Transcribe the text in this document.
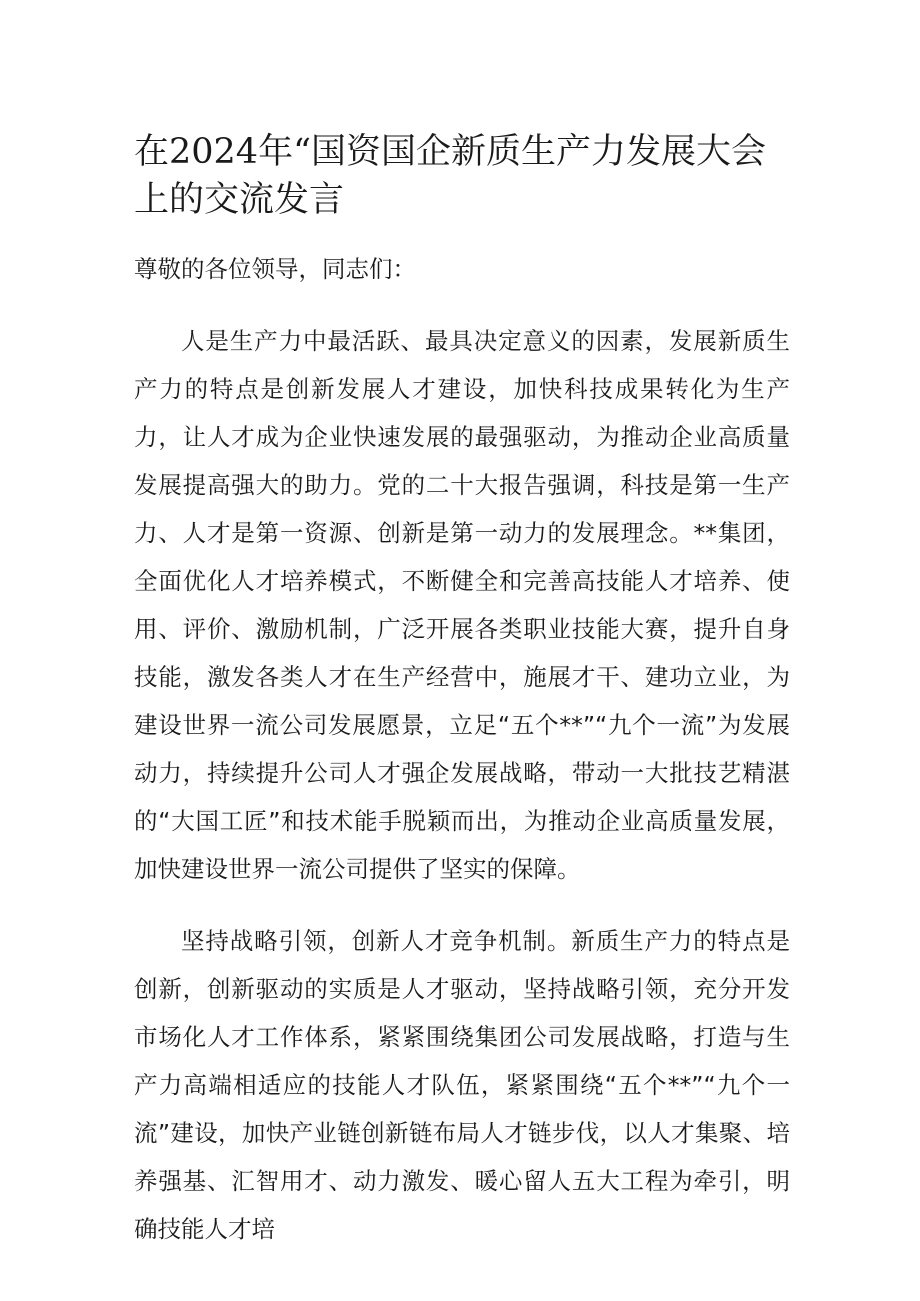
在2024年“国资国企新质生产力发展大会上的交流发言

尊敬的各位领导，同志们：

人是生产力中最活跃、最具决定意义的因素，发展新质生产力的特点是创新发展人才建设，加快科技成果转化为生产力，让人才成为企业快速发展的最强驱动，为推动企业高质量发展提高强大的助力。党的二十大报告强调，科技是第一生产力、人才是第一资源、创新是第一动力的发展理念。**集团，全面优化人才培养模式，不断健全和完善高技能人才培养、使用、评价、激励机制，广泛开展各类职业技能大赛，提升自身技能，激发各类人才在生产经营中，施展才干、建功立业，为建设世界一流公司发展愿景，立足“五个**”“九个一流”为发展动力，持续提升公司人才强企发展战略，带动一大批技艺精湛的“大国工匠”和技术能手脱颖而出，为推动企业高质量发展，加快建设世界一流公司提供了坚实的保障。

坚持战略引领，创新人才竞争机制。新质生产力的特点是创新，创新驱动的实质是人才驱动，坚持战略引领，充分开发市场化人才工作体系，紧紧围绕集团公司发展战略，打造与生产力高端相适应的技能人才队伍，紧紧围绕“五个**”“九个一流”建设，加快产业链创新链布局人才链步伐，以人才集聚、培养强基、汇智用才、动力激发、暖心留人五大工程为牵引，明确技能人才培
